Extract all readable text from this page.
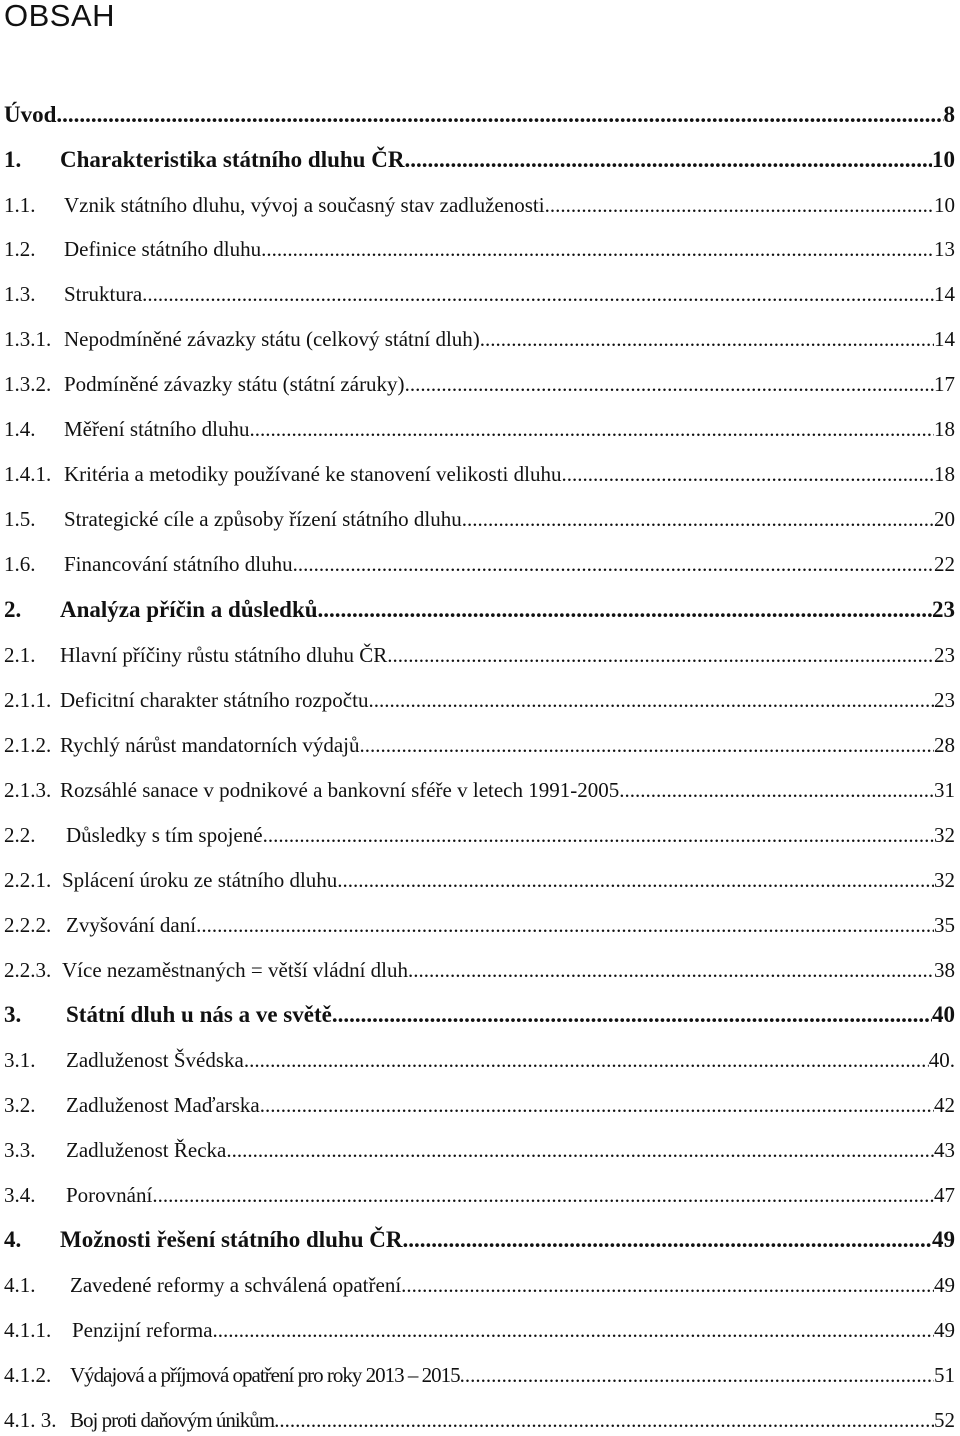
OBSAH
Úvod .....	8
1.	Charakteristika státního dluhu ČR .....	10
1.1.	Vznik státního dluhu, vývoj a současný stav zadluženosti .....	10
1.2.	Definice státního dluhu .....	13
1.3.	Struktura .....	14
1.3.1. Nepodmíněné závazky státu (celkový státní dluh) .....	14
1.3.2. Podmíněné závazky státu (státní záruky) .....	17
1.4.	Měření státního dluhu .....	18
1.4.1. Kritéria a metodiky používané ke stanovení velikosti dluhu .....	18
1.5.	Strategické cíle a způsoby řízení státního dluhu .....	20
1.6.	Financování státního dluhu .....	22
2.	Analýza příčin a důsledků .....	23
2.1.	Hlavní příčiny růstu státního dluhu ČR .....	23
2.1.1. Deficitní charakter státního rozpočtu .....	23
2.1.2. Rychlý nárůst mandatorních výdajů .....	28
2.1.3. Rozsáhlé sanace v podnikové a bankovní sféře v letech 1991-2005 .....	31
2.2.	Důsledky s tím spojené .....	32
2.2.1. Splácení úroku ze státního dluhu .....	32
2.2.2. Zvyšování daní .....	35
2.2.3. Více nezaměstnaných = větší vládní dluh .....	38
3.	Státní dluh u nás a ve světě .....	40
3.1.	Zadluženost Švédska .....	40.
3.2.	Zadluženost Maďarska .....	42
3.3.	Zadluženost Řecka .....	43
3.4.	Porovnání .....	47
4.	Možnosti řešení státního dluhu ČR .....	49
4.1.	Zavedené reformy a schválená opatření .....	49
4.1.1. Penzijní reforma .....	49
4.1.2. Výdajová a příjmová opatření pro roky 2013 – 2015 .....	51
4.1. 3. Boj proti daňovým únikům .....	52
